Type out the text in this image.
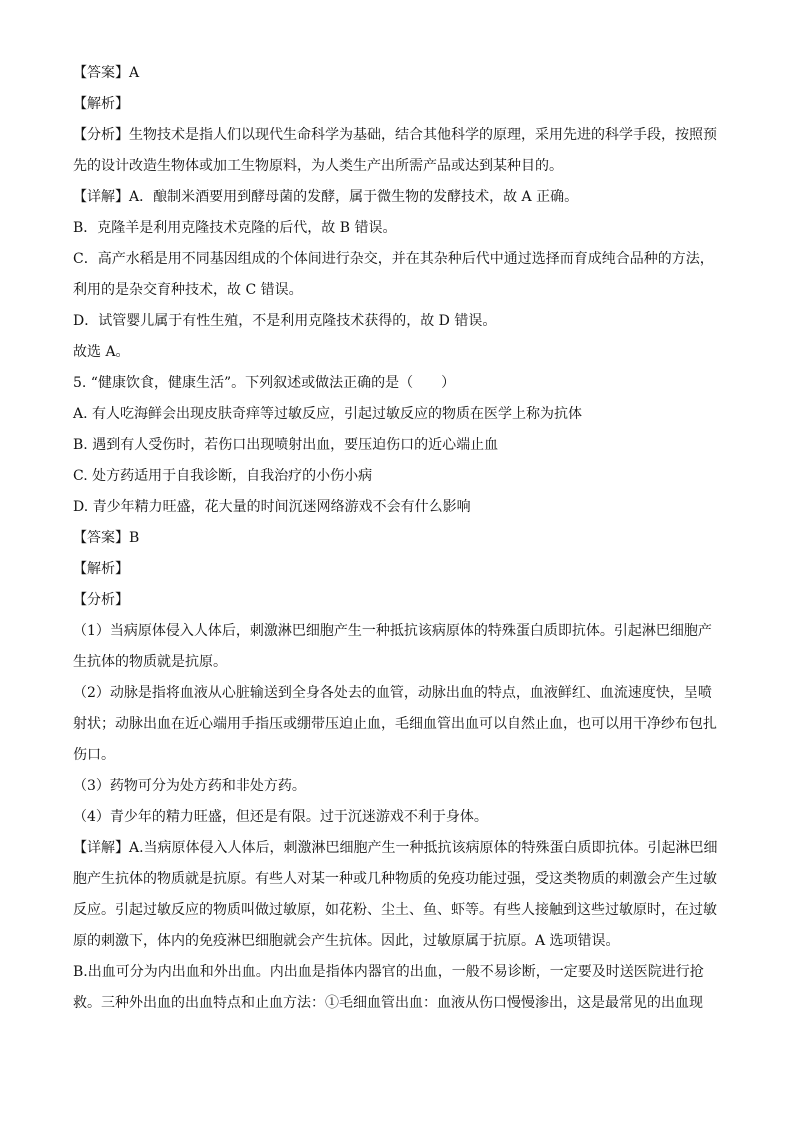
【答案】A
【解析】
【分析】生物技术是指人们以现代生命科学为基础，结合其他科学的原理，采用先进的科学手段，按照预
先的设计改造生物体或加工生物原料，为人类生产出所需产品或达到某种目的。
【详解】A．酿制米酒要用到酵母菌的发酵，属于微生物的发酵技术，故 A 正确。
B．克隆羊是利用克隆技术克隆的后代，故 B 错误。
C．高产水稻是用不同基因组成的个体间进行杂交，并在其杂种后代中通过选择而育成纯合品种的方法，
利用的是杂交育种技术，故 C 错误。
D．试管婴儿属于有性生殖，不是利用克隆技术获得的，故 D 错误。
故选 A。
5. “健康饮食，健康生活”。下列叙述或做法正确的是（　　）
A. 有人吃海鲜会出现皮肤奇痒等过敏反应，引起过敏反应的物质在医学上称为抗体
B. 遇到有人受伤时，若伤口出现喷射出血，要压迫伤口的近心端止血
C. 处方药适用于自我诊断，自我治疗的小伤小病
D. 青少年精力旺盛，花大量的时间沉迷网络游戏不会有什么影响
【答案】B
【解析】
【分析】
（1）当病原体侵入人体后，刺激淋巴细胞产生一种抵抗该病原体的特殊蛋白质即抗体。引起淋巴细胞产
生抗体的物质就是抗原。
（2）动脉是指将血液从心脏输送到全身各处去的血管，动脉出血的特点，血液鲜红、血流速度快，呈喷
射状；动脉出血在近心端用手指压或绷带压迫止血，毛细血管出血可以自然止血，也可以用干净纱布包扎
伤口。
（3）药物可分为处方药和非处方药。
（4）青少年的精力旺盛，但还是有限。过于沉迷游戏不利于身体。
【详解】A.当病原体侵入人体后，刺激淋巴细胞产生一种抵抗该病原体的特殊蛋白质即抗体。引起淋巴细
胞产生抗体的物质就是抗原。有些人对某一种或几种物质的免疫功能过强，受这类物质的刺激会产生过敏
反应。引起过敏反应的物质叫做过敏原，如花粉、尘土、鱼、虾等。有些人接触到这些过敏原时，在过敏
原的刺激下，体内的免疫淋巴细胞就会产生抗体。因此，过敏原属于抗原。A 选项错误。
B.出血可分为内出血和外出血。内出血是指体内器官的出血，一般不易诊断，一定要及时送医院进行抢
救。三种外出血的出血特点和止血方法：①毛细血管出血：血液从伤口慢慢渗出，这是最常见的出血现
